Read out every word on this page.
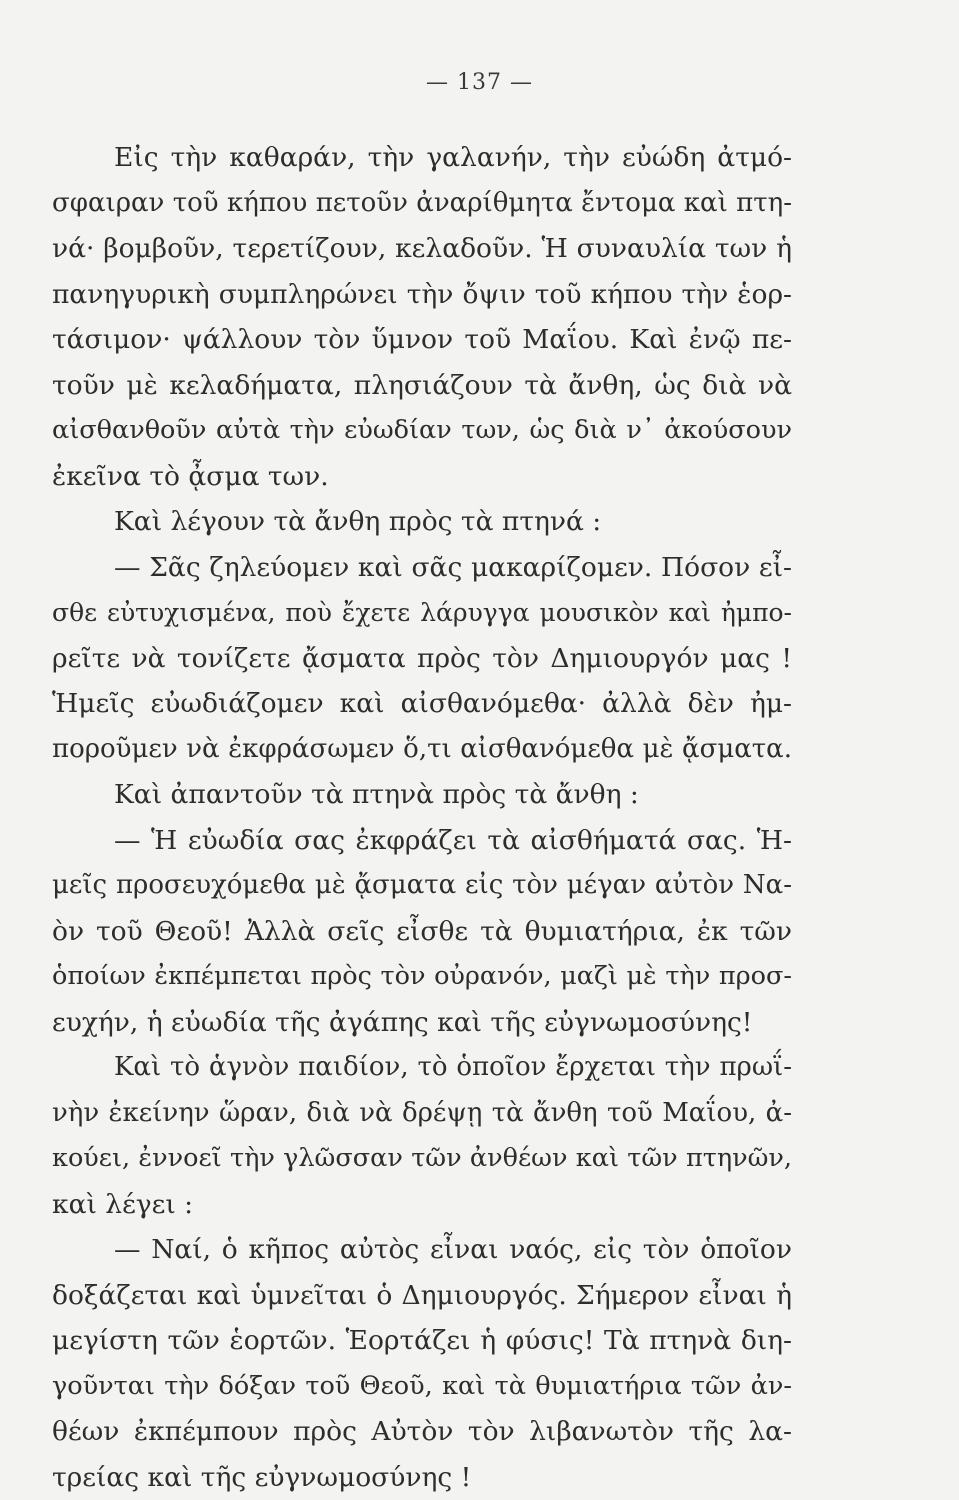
— 137 —
Εἰς τὴν καθαράν, τὴν γαλανήν, τὴν εὐώδη ἀτμό-
σφαιραν τοῦ κήπου πετοῦν ἀναρίθμητα ἔντομα καὶ πτη-
νά· βομβοῦν, τερετίζουν, κελαδοῦν. Ἡ συναυλία των ἡ
πανηγυρικὴ συμπληρώνει τὴν ὄψιν τοῦ κήπου τὴν ἑορ-
τάσιμον· ψάλλουν τὸν ὕμνον τοῦ Μαΐου. Καὶ ἐνῷ πε-
τοῦν μὲ κελαδήματα, πλησιάζουν τὰ ἄνθη, ὡς διὰ νὰ
αἰσθανθοῦν αὐτὰ τὴν εὐωδίαν των, ὡς διὰ ν᾿ ἀκούσουν
ἐκεῖνα τὸ ᾆσμα των.
Καὶ λέγουν τὰ ἄνθη πρὸς τὰ πτηνά :
— Σᾶς ζηλεύομεν καὶ σᾶς μακαρίζομεν. Πόσον εἶ-
σθε εὐτυχισμένα, ποὺ ἔχετε λάρυγγα μουσικὸν καὶ ἠμπο-
ρεῖτε νὰ τονίζετε ᾄσματα πρὸς τὸν Δημιουργόν μας !
Ἡμεῖς εὐωδιάζομεν καὶ αἰσθανόμεθα· ἀλλὰ δὲν ἠμ-
ποροῦμεν νὰ ἐκφράσωμεν ὅ,τι αἰσθανόμεθα μὲ ᾄσματα.
Καὶ ἀπαντοῦν τὰ πτηνὰ πρὸς τὰ ἄνθη :
— Ἡ εὐωδία σας ἐκφράζει τὰ αἰσθήματά σας. Ἡ-
μεῖς προσευχόμεθα μὲ ᾄσματα εἰς τὸν μέγαν αὐτὸν Να-
ὸν τοῦ Θεοῦ! Ἀλλὰ σεῖς εἶσθε τὰ θυμιατήρια, ἐκ τῶν
ὁποίων ἐκπέμπεται πρὸς τὸν οὐρανόν, μαζὶ μὲ τὴν προσ-
ευχήν, ἡ εὐωδία τῆς ἀγάπης καὶ τῆς εὐγνωμοσύνης!
Καὶ τὸ ἁγνὸν παιδίον, τὸ ὁποῖον ἔρχεται τὴν πρωΐ-
νὴν ἐκείνην ὥραν, διὰ νὰ δρέψῃ τὰ ἄνθη τοῦ Μαΐου, ἀ-
κούει, ἐννοεῖ τὴν γλῶσσαν τῶν ἀνθέων καὶ τῶν πτηνῶν,
καὶ λέγει :
— Ναί, ὁ κῆπος αὐτὸς εἶναι ναός, εἰς τὸν ὁποῖον
δοξάζεται καὶ ὑμνεῖται ὁ Δημιουργός. Σήμερον εἶναι ἡ
μεγίστη τῶν ἑορτῶν. Ἑορτάζει ἡ φύσις! Τὰ πτηνὰ διη-
γοῦνται τὴν δόξαν τοῦ Θεοῦ, καὶ τὰ θυμιατήρια τῶν ἀν-
θέων ἐκπέμπουν πρὸς Αὐτὸν τὸν λιβανωτὸν τῆς λα-
τρείας καὶ τῆς εὐγνωμοσύνης !
